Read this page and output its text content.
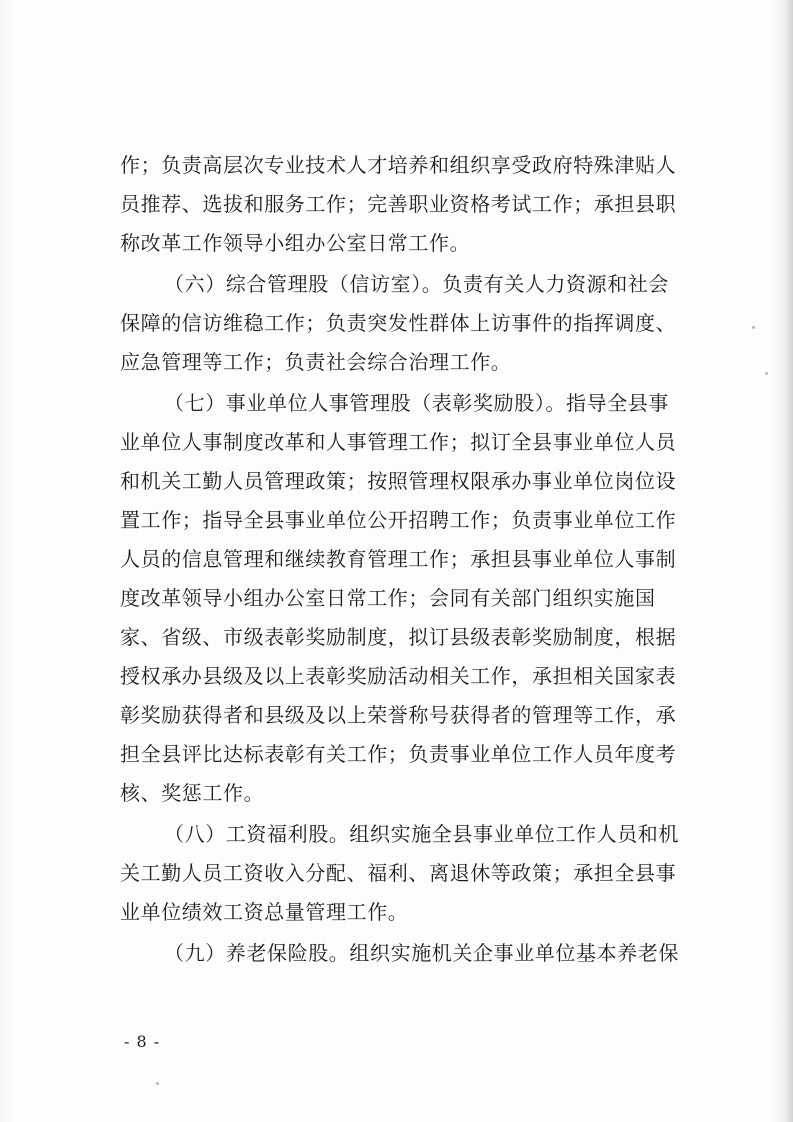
作；负责高层次专业技术人才培养和组织享受政府特殊津贴人
员推荐、选拔和服务工作；完善职业资格考试工作；承担县职
称改革工作领导小组办公室日常工作。

（六）综合管理股（信访室）。负责有关人力资源和社会
保障的信访维稳工作；负责突发性群体上访事件的指挥调度、
应急管理等工作；负责社会综合治理工作。

（七）事业单位人事管理股（表彰奖励股）。指导全县事
业单位人事制度改革和人事管理工作；拟订全县事业单位人员
和机关工勤人员管理政策；按照管理权限承办事业单位岗位设
置工作；指导全县事业单位公开招聘工作；负责事业单位工作
人员的信息管理和继续教育管理工作；承担县事业单位人事制
度改革领导小组办公室日常工作；会同有关部门组织实施国
家、省级、市级表彰奖励制度，拟订县级表彰奖励制度，根据
授权承办县级及以上表彰奖励活动相关工作，承担相关国家表
彰奖励获得者和县级及以上荣誉称号获得者的管理等工作，承
担全县评比达标表彰有关工作；负责事业单位工作人员年度考
核、奖惩工作。

（八）工资福利股。组织实施全县事业单位工作人员和机
关工勤人员工资收入分配、福利、离退休等政策；承担全县事
业单位绩效工资总量管理工作。

（九）养老保险股。组织实施机关企事业单位基本养老保

- 8 -
